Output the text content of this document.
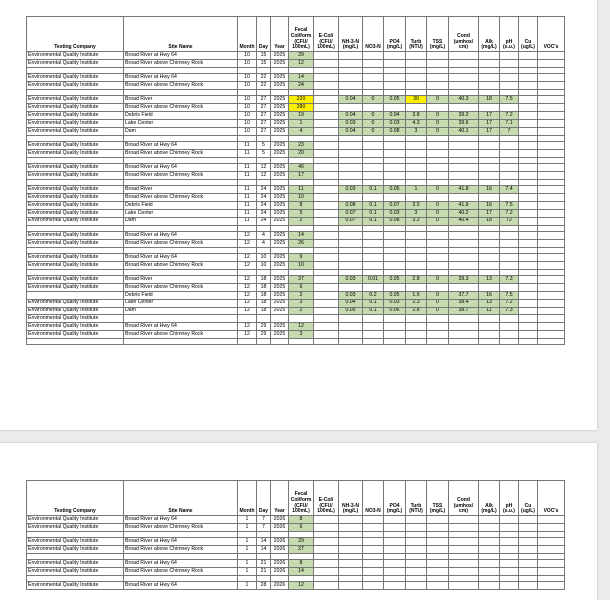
Testing Company	Site Name	Month	Day	Year	Fecal Coliform (CFU/ 100mL)	E-Coli (CFU/ 100mL)	NH-3-N (mg/L)	NO3-N	PO4 (mg/L)	Turb (NTU)	TSS (mg/L)	Cond (umhos/ cm)	Alk (mg/L)	pH (s.u.)	Cu (ug/L)	VOC's
Environmental Quality Institute	Broad River at Hwy 64	10	15	2025	29											
Environmental Quality Institute	Broad River above Chimney Rock	10	15	2025	12											

Environmental Quality Institute	Broad River at Hwy 64	10	22	2025	14											
Environmental Quality Institute	Broad River above Chimney Rock	10	22	2025	24											

Environmental Quality Institute	Broad River	10	27	2025	220		0.04	0	0.05	30	0	40.3	18	7.5		
Environmental Quality Institute	Broad River above Chimney Rock	10	27	2025	280											
Environmental Quality Institute	Debris Field	10	27	2025	19		0.04	0	0.04	3.8	0	39.2	17	7.2		
Environmental Quality Institute	Lake Center	10	27	2025	1		0.03	0	0.03	4.3	0	39.6	17	7.1		
Environmental Quality Institute	Dam	10	27	2025	4		0.04	0	0.08	3	0	40.1	17	7		

Environmental Quality Institute	Broad River at Hwy 64	11	5	2025	23											
Environmental Quality Institute	Broad River above Chimney Rock	11	5	2025	20											

Environmental Quality Institute	Broad River at Hwy 64	11	12	2025	46											
Environmental Quality Institute	Broad River above Chimney Rock	11	12	2025	17											

Environmental Quality Institute	Broad River	11	24	2025	11		0.03	0.1	0.05	1	0	41.8	16	7.4		
Environmental Quality Institute	Broad River above Chimney Rock	11	24	2025	10											
Environmental Quality Institute	Debris Field	11	24	2025	8		0.08	0.1	0.07	3.5	0	41.9	16	7.5		
Environmental Quality Institute	Lake Center	11	24	2025	5		0.07	0.1	0.03	3	0	40.2	17	7.2		
Environmental Quality Institute	Dam	11	24	2025	2		0.07	0.1	0.08	3.2	0	40.4	18	72		

Environmental Quality Institute	Broad River at Hwy 64	12	4	2025	14											
Environmental Quality Institute	Broad River above Chimney Rock	12	4	2025	26											

Environmental Quality Institute	Broad River at Hwy 64	12	10	2025	9											
Environmental Quality Institute	Broad River above Chimney Rock	12	10	2025	10											

Environmental Quality Institute	Broad River	12	18	2025	37		0.03	0.01	0.05	2.8	0	39.3	13	7.3		
Environmental Quality Institute	Broad River above Chimney Rock	12	18	2025	6											
	Debris Field	12	18	2025	2		0.03	0.2	0.05	1.6	0	37.7	16	7.5		
Environmental Quality Institute	Lake Center	12	18	2025	3		0.04	0.1	0.03	2.3	0	38.4	13	7.2		
Environmental Quality Institute	Dam	12	18	2025	2		0.05	0.1	0.06	2.8	0	38.7	11	7.3		
Environmental Quality Institute																
Environmental Quality Institute	Broad River at Hwy 64	12	29	2025	12											
Environmental Quality Institute	Broad River above Chimney Rock	12	29	2025	3											

Testing Company	Site Name	Month	Day	Year	Fecal Coliform (CFU/ 100mL)	E-Coli (CFU/ 100mL)	NH-3-N (mg/L)	NO3-N	PO4 (mg/L)	Turb (NTU)	TSS (mg/L)	Cond (umhos/ cm)	Alk (mg/L)	pH (s.u.)	Cu (ug/L)	VOC's
Environmental Quality Institute	Broad River at Hwy 64	1	7	2026	8											
Environmental Quality Institute	Broad River above Chimney Rock	1	7	2026	6											

Environmental Quality Institute	Broad River at Hwy 64	1	14	2026	29											
Environmental Quality Institute	Broad River above Chimney Rock	1	14	2026	27											

Environmental Quality Institute	Broad River at Hwy 64	1	21	2026	8											
Environmental Quality Institute	Broad River above Chimney Rock	1	21	2026	14											

Environmental Quality Institute	Broad River at Hwy 64	1	28	2026	12											
